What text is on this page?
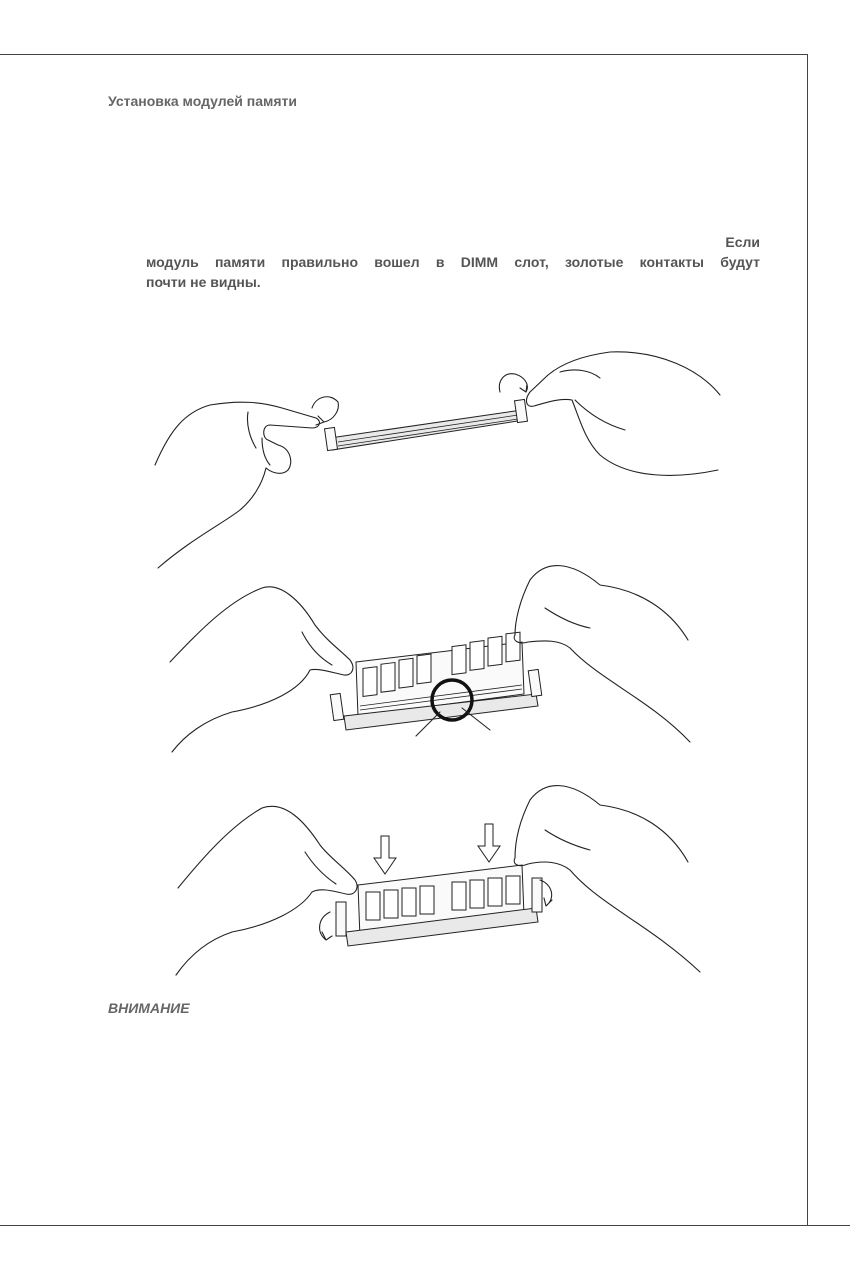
Установка модулей памяти
Если
модуль памяти правильно вошел в DIMM слот, золотые контакты будут
почти не видны.
ВНИМАНИЕ
